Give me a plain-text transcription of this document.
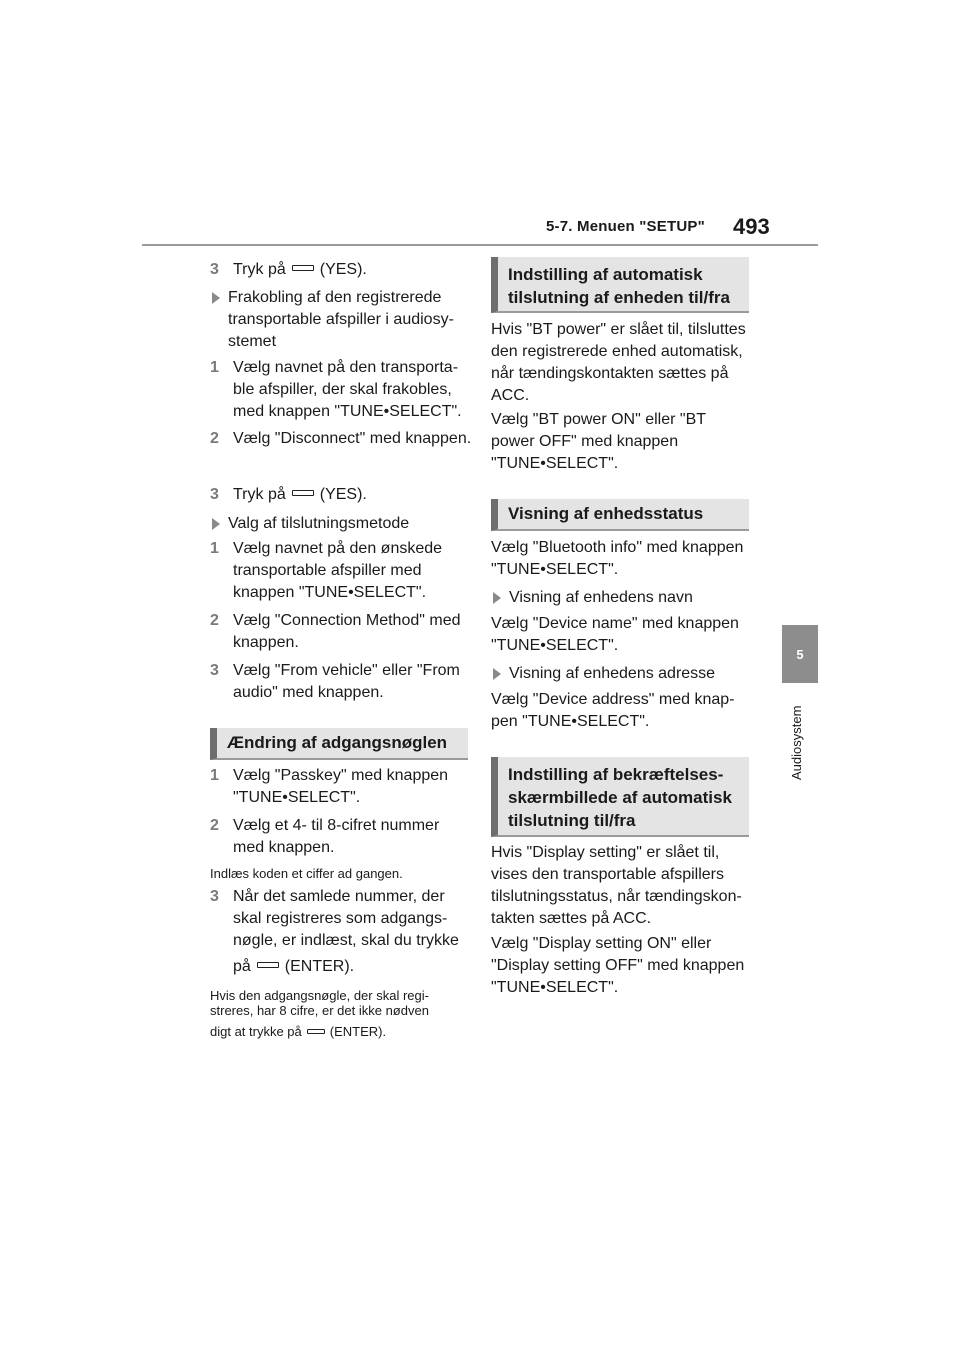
5-7. Menuen "SETUP" 493
5
Audiosystem

3 Tryk på (YES).

Frakobling af den registrerede transportable afspiller i audiosystemet

1 Vælg navnet på den transportable afspiller, der skal frakobles, med knappen "TUNE•SELECT".

2 Vælg "Disconnect" med knappen.

3 Tryk på (YES).

Valg af tilslutningsmetode

1 Vælg navnet på den ønskede transportable afspiller med knappen "TUNE•SELECT".

2 Vælg "Connection Method" med knappen.

3 Vælg "From vehicle" eller "From audio" med knappen.

Ændring af adgangsnøglen

1 Vælg "Passkey" med knappen "TUNE•SELECT".

2 Vælg et 4- til 8-cifret nummer med knappen.

Indlæs koden et ciffer ad gangen.

3 Når det samlede nummer, der skal registreres som adgangsnøgle, er indlæst, skal du trykke

på (ENTER).

Hvis den adgangsnøgle, der skal registreres, har 8 cifre, er det ikke nødven

digt at trykke på (ENTER).

Indstilling af automatisk tilslutning af enheden til/fra

Hvis "BT power" er slået til, tilsluttes den registrerede enhed automatisk, når tændingskontakten sættes på ACC.

Vælg "BT power ON" eller "BT power OFF" med knappen "TUNE•SELECT".

Visning af enhedsstatus

Vælg "Bluetooth info" med knappen "TUNE•SELECT".

Visning af enhedens navn

Vælg "Device name" med knappen "TUNE•SELECT".

Visning af enhedens adresse

Vælg "Device address" med knappen "TUNE•SELECT".

Indstilling af bekræftelsesskærmbillede af automatisk tilslutning til/fra

Hvis "Display setting" er slået til, vises den transportable afspillers tilslutningsstatus, når tændingskontakten sættes på ACC.

Vælg "Display setting ON" eller "Display setting OFF" med knappen "TUNE•SELECT".
